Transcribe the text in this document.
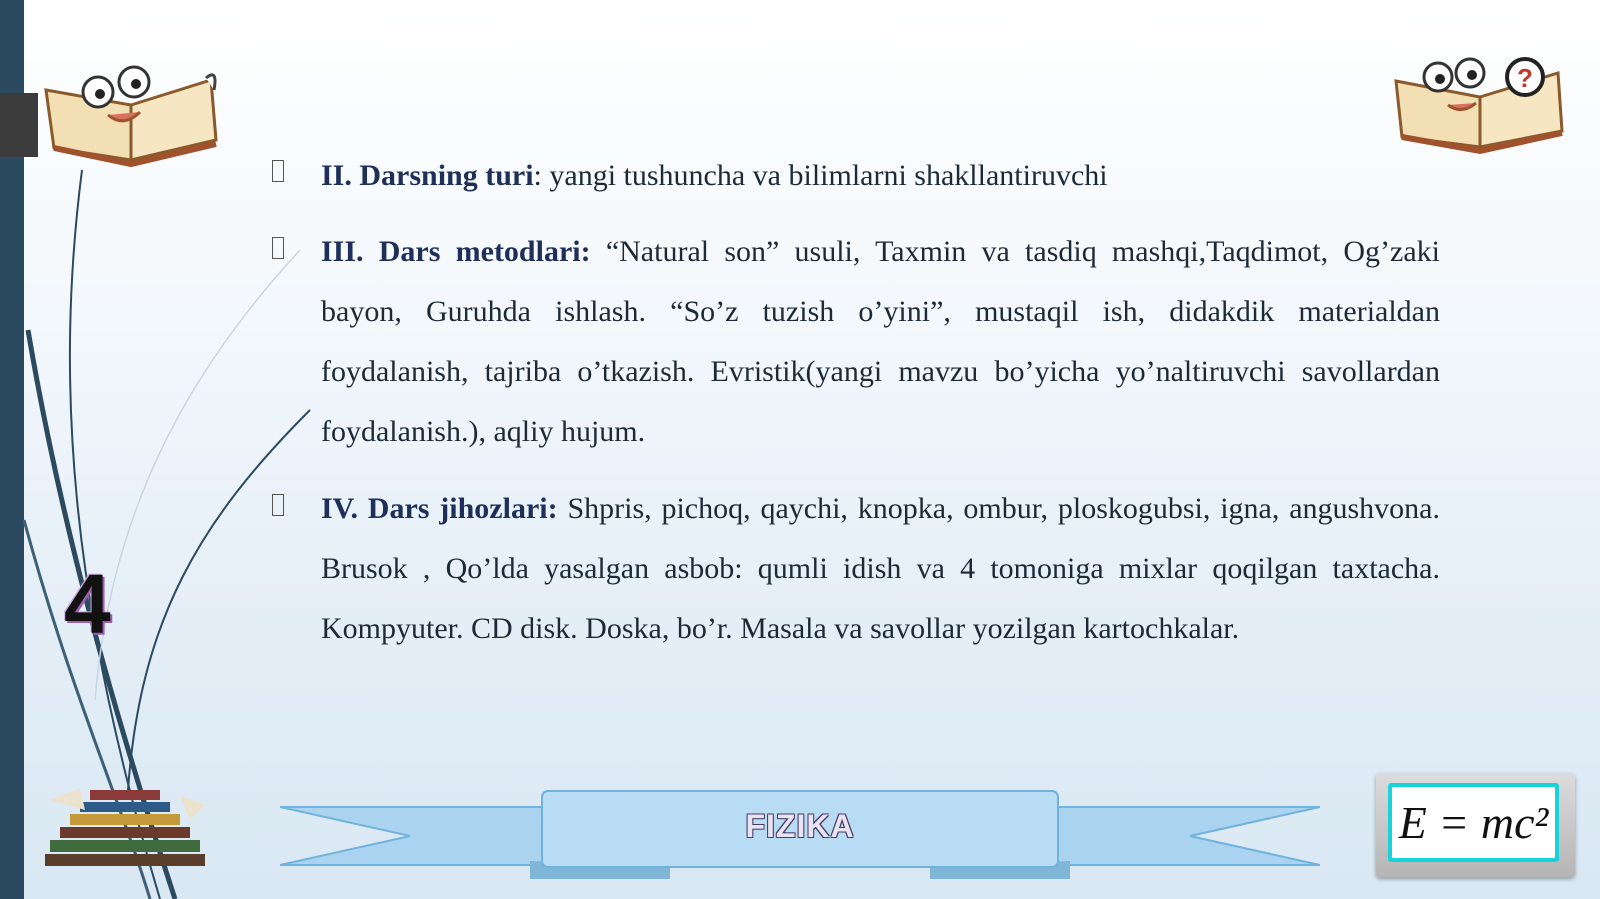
?
II. Darsning turi: yangi tushuncha va bilimlarni shakllantiruvchi
III. Dars metodlari: “Natural son” usuli, Taxmin va tasdiq mashqi,Taqdimot, Og’zaki bayon, Guruhda ishlash. “So’z tuzish o’yini”, mustaqil ish, didakdik materialdan foydalanish, tajriba o’tkazish. Evristik(yangi mavzu bo’yicha yo’naltiruvchi savollardan foydalanish.), aqliy hujum.
IV. Dars jihozlari: Shpris, pichoq, qaychi, knopka, ombur, ploskogubsi, igna, angushvona. Brusok , Qo’lda yasalgan asbob: qumli idish va 4 tomoniga mixlar qoqilgan taxtacha. Kompyuter. CD disk. Doska, bo’r. Masala va savollar yozilgan kartochkalar.
4
FIZIKA	E = mc²
